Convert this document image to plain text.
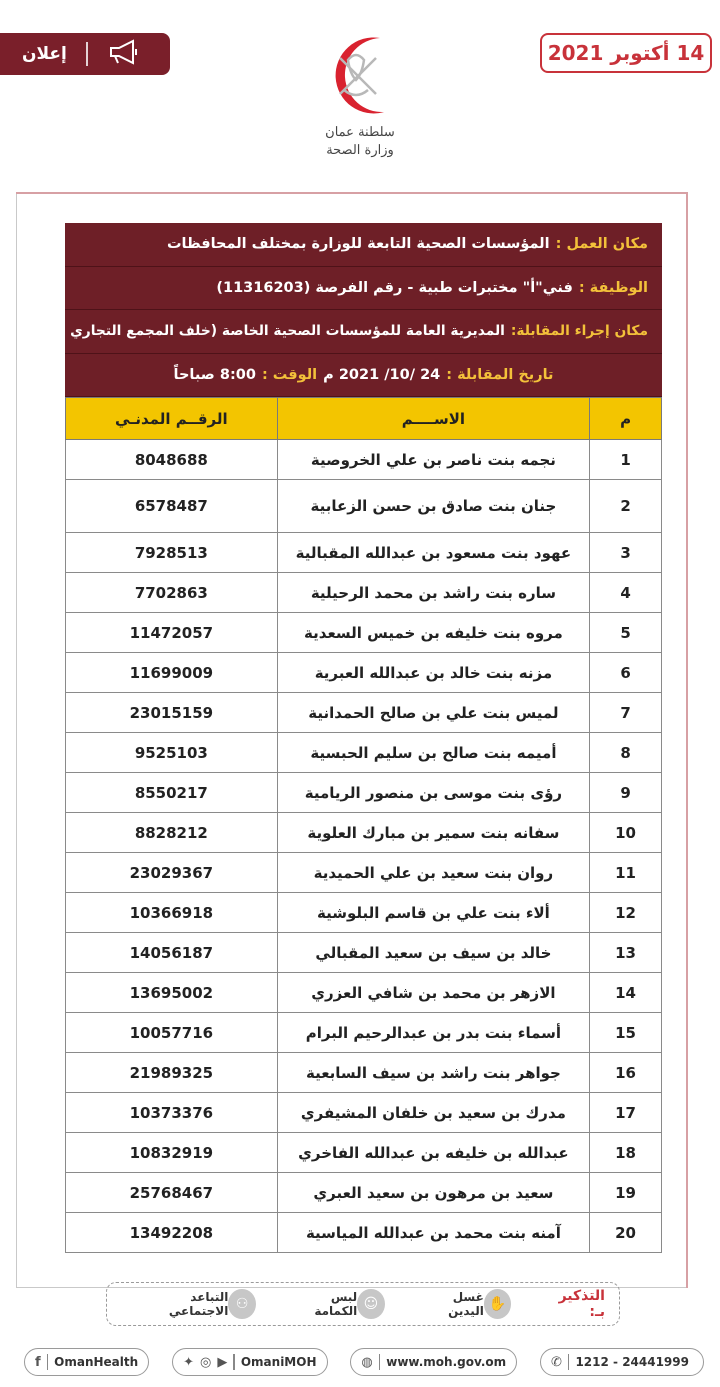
إعلان	14 أكتوبر 2021
سلطنة عمان
وزارة الصحة
مكان العمل :
المؤسسات الصحية التابعة للوزارة بمختلف المحافظات
الوظيفة :
فني"أ" مختبرات طبية - رقم الفرصة (11316203)
مكان إجراء المقابلة:
المديرية العامة للمؤسسات الصحية الخاصة (خلف المجمع التجاري زاخر)
تاريخ المقابلة :
24 /10/ 2021 م
الوقت :
8:00 صباحاً
م	الاســــم	الرقــم المدنـي
1	نجمه بنت ناصر بن علي الخروصية	8048688
2	جنان بنت صادق بن حسن الزعابية	6578487
3	عهود بنت مسعود بن عبدالله المقبالية	7928513
4	ساره بنت راشد بن محمد الرحيلية	7702863
5	مروه بنت خليفه بن خميس السعدية	11472057
6	مزنه بنت خالد بن عبدالله العبرية	11699009
7	لميس بنت علي بن صالح الحمدانية	23015159
8	أميمه بنت صالح بن سليم الحبسية	9525103
9	رؤى بنت موسى بن منصور الريامية	8550217
10	سفانه بنت سمير بن مبارك العلوية	8828212
11	روان بنت سعيد بن علي الحميدية	23029367
12	ألاء بنت علي بن قاسم البلوشية	10366918
13	خالد بن سيف بن سعيد المقبالي	14056187
14	الازهر بن محمد بن شافي العزري	13695002
15	أسماء بنت بدر بن عبدالرحيم البرام	10057716
16	جواهر بنت راشد بن سيف السابعية	21989325
17	مدرك بن سعيد بن خلفان المشيفري	10373376
18	عبدالله بن خليفه بن عبدالله الفاخري	10832919
19	سعيد بن مرهون بن سعيد العبري	25768467
20	آمنه بنت محمد بن عبدالله المياسية	13492208
التذكير بـ:
✋
غسل اليدين
☺
لبس الكمامة
⚇
التباعد الاجتماعي
f OmanHealth	✦ ◎ ▶ OmaniMOH	◍ www.moh.gov.om	✆ 1212 - 24441999
